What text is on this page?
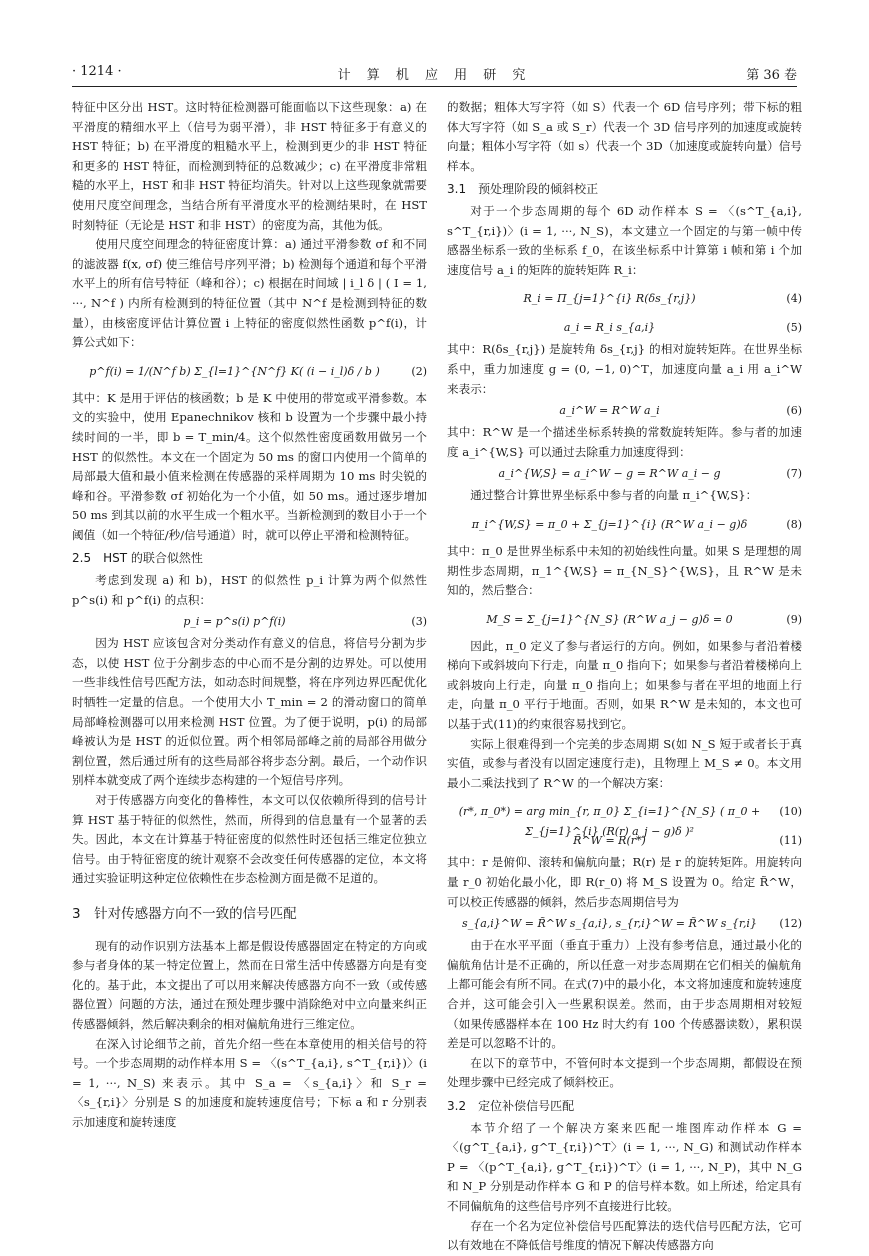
· 1214 ·	计 算 机 应 用 研 究	第 36 卷

特征中区分出 HST。这时特征检测器可能面临以下这些现象：a) 在平滑度的精细水平上（信号为弱平滑），非 HST 特征多于有意义的 HST 特征；b) 在平滑度的粗糙水平上，检测到更少的非 HST 特征和更多的 HST 特征，而检测到特征的总数减少；c) 在平滑度非常粗糙的水平上，HST 和非 HST 特征均消失。针对以上这些现象就需要使用尺度空间理念，当结合所有平滑度水平的检测结果时，在 HST 时刻特征（无论是 HST 和非 HST）的密度为高，其他为低。

使用尺度空间理念的特征密度计算：a) 通过平滑参数 σf 和不同的滤波器 f(x, σf) 使三维信号序列平滑；b) 检测每个通道和每个平滑水平上的所有信号特征（峰和谷）；c) 根据在时间域 | i_l δ | ( I = 1, ···, N^f ) 内所有检测到的特征位置（其中 N^f 是检测到特征的数量），由核密度评估计算位置 i 上特征的密度似然性函数 p^f(i)，计算公式如下：

p^f(i) = 1/(N^f b) Σ_{l=1}^{N^f} K( (i − i_l)δ / b )	(2)

其中：K 是用于评估的核函数；b 是 K 中使用的带宽或平滑参数。本文的实验中，使用 Epanechnikov 核和 b 设置为一个步骤中最小持续时间的一半，即 b = T_min/4。这个似然性密度函数用做另一个 HST 的似然性。本文在一个固定为 50 ms 的窗口内使用一个简单的局部最大值和最小值来检测在传感器的采样周期为 10 ms 时尖锐的峰和谷。平滑参数 σf 初始化为一个小值，如 50 ms。通过逐步增加 50 ms 到其以前的水平生成一个粗水平。当新检测到的数目小于一个阈值（如一个特征/秒/信号通道）时，就可以停止平滑和检测特征。

2.5　HST 的联合似然性

考虑到发现 a) 和 b)，HST 的似然性 p_i 计算为两个似然性 p^s(i) 和 p^f(i) 的点积：

p_i = p^s(i) p^f(i)	(3)

因为 HST 应该包含对分类动作有意义的信息，将信号分割为步态，以使 HST 位于分割步态的中心而不是分割的边界处。可以使用一些非线性信号匹配方法，如动态时间规整，将在序列边界匹配优化时牺牲一定量的信息。一个使用大小 T_min = 2 的滑动窗口的简单局部峰检测器可以用来检测 HST 位置。为了便于说明，p(i) 的局部峰被认为是 HST 的近似位置。两个相邻局部峰之前的局部谷用做分割位置，然后通过所有的这些局部谷将步态分割。最后，一个动作识别样本就变成了两个连续步态构建的一个短信号序列。

对于传感器方向变化的鲁棒性，本文可以仅依赖所得到的信号计算 HST 基于特征的似然性，然而，所得到的信息量有一个显著的丢失。因此，本文在计算基于特征密度的似然性时还包括三维定位独立信号。由于特征密度的统计观察不会改变任何传感器的定位，本文将通过实验证明这种定位依赖性在步态检测方面是微不足道的。

3　针对传感器方向不一致的信号匹配

现有的动作识别方法基本上都是假设传感器固定在特定的方向或参与者身体的某一特定位置上，然而在日常生活中传感器方向是有变化的。基于此，本文提出了可以用来解决传感器方向不一致（或传感器位置）问题的方法，通过在预处理步骤中消除绝对中立向量来纠正传感器倾斜，然后解决剩余的相对偏航角进行三维定位。

在深入讨论细节之前，首先介绍一些在本章使用的相关信号的符号。一个步态周期的动作样本用 S = 〈(s^T_{a,i}, s^T_{r,i})〉(i = 1, ···, N_S) 来表示。其中 S_a = 〈s_{a,i}〉和 S_r = 〈s_{r,i}〉分别是 S 的加速度和旋转速度信号；下标 a 和 r 分别表示加速度和旋转速度

的数据；粗体大写字符（如 S）代表一个 6D 信号序列；带下标的粗体大写字符（如 S_a 或 S_r）代表一个 3D 信号序列的加速度或旋转向量；粗体小写字符（如 s）代表一个 3D（加速度或旋转向量）信号样本。

3.1　预处理阶段的倾斜校正

对于一个步态周期的每个 6D 动作样本 S = 〈(s^T_{a,i}, s^T_{r,i})〉(i = 1, ···, N_S)，本文建立一个固定的与第一帧中传感器坐标系一致的坐标系 f_0，在该坐标系中计算第 i 帧和第 i 个加速度信号 a_i 的矩阵的旋转矩阵 R_i：

R_i = Π_{j=1}^{i} R(δs_{r,j})	(4)
a_i = R_i s_{a,i}	(5)

其中：R(δs_{r,j}) 是旋转角 δs_{r,j} 的相对旋转矩阵。在世界坐标系中，重力加速度 g = (0, −1, 0)^T，加速度向量 a_i 用 a_i^W 来表示：

a_i^W = R^W a_i	(6)

其中：R^W 是一个描述坐标系转换的常数旋转矩阵。参与者的加速度 a_i^{W,S} 可以通过去除重力加速度得到：

a_i^{W,S} = a_i^W − g = R^W a_i − g	(7)

通过整合计算世界坐标系中参与者的向量 π_i^{W,S}：

π_i^{W,S} = π_0 + Σ_{j=1}^{i} (R^W a_i − g)δ	(8)

其中：π_0 是世界坐标系中未知的初始线性向量。如果 S 是理想的周期性步态周期，π_1^{W,S} = π_{N_S}^{W,S}，且 R^W 是未知的，然后整合：

M_S = Σ_{j=1}^{N_S} (R^W a_j − g)δ = 0	(9)

因此，π_0 定义了参与者运行的方向。例如，如果参与者沿着楼梯向下或斜坡向下行走，向量 π_0 指向下；如果参与者沿着楼梯向上或斜坡向上行走，向量 π_0 指向上；如果参与者在平坦的地面上行走，向量 π_0 平行于地面。否则，如果 R^W 是未知的，本文也可以基于式(11)的约束很容易找到它。

实际上很难得到一个完美的步态周期 S(如 N_S 短于或者长于真实值，或参与者没有以固定速度行走)，且物理上 M_S ≠ 0。本文用最小二乘法找到了 R^W 的一个解决方案：

(r*, π_0*) = arg min_{r, π_0} Σ_{i=1}^{N_S} ( π_0 + Σ_{j=1}^{i} (R(r) a_j − g)δ )²
(10)
R̃^W = R(r*)	(11)

其中：r 是俯仰、滚转和偏航向量；R(r) 是 r 的旋转矩阵。用旋转向量 r_0 初始化最小化，即 R(r_0) 将 M_S 设置为 0。给定 R̃^W，可以校正传感器的倾斜，然后步态周期信号为

s_{a,i}^W = R̃^W s_{a,i}, s_{r,i}^W = R̃^W s_{r,i}	(12)

由于在水平平面（垂直于重力）上没有参考信息，通过最小化的偏航角估计是不正确的，所以任意一对步态周期在它们相关的偏航角上都可能会有所不同。在式(7)中的最小化，本文将加速度和旋转速度合并，这可能会引入一些累积误差。然而，由于步态周期相对较短（如果传感器样本在 100 Hz 时大约有 100 个传感器读数），累积误差是可以忽略不计的。

在以下的章节中，不管何时本文提到一个步态周期，都假设在预处理步骤中已经完成了倾斜校正。

3.2　定位补偿信号匹配

本节介绍了一个解决方案来匹配一堆图库动作样本 G = 〈(g^T_{a,i}, g^T_{r,i})^T〉(i = 1, ···, N_G) 和测试动作样本 P = 〈(p^T_{a,i}, g^T_{r,i})^T〉(i = 1, ···, N_P)，其中 N_G 和 N_P 分别是动作样本 G 和 P 的信号样本数。如上所述，给定具有不同偏航角的这些信号序列不直接进行比较。

存在一个名为定位补偿信号匹配算法的迭代信号匹配方法，它可以有效地在不降低信号维度的情况下解决传感器方向
